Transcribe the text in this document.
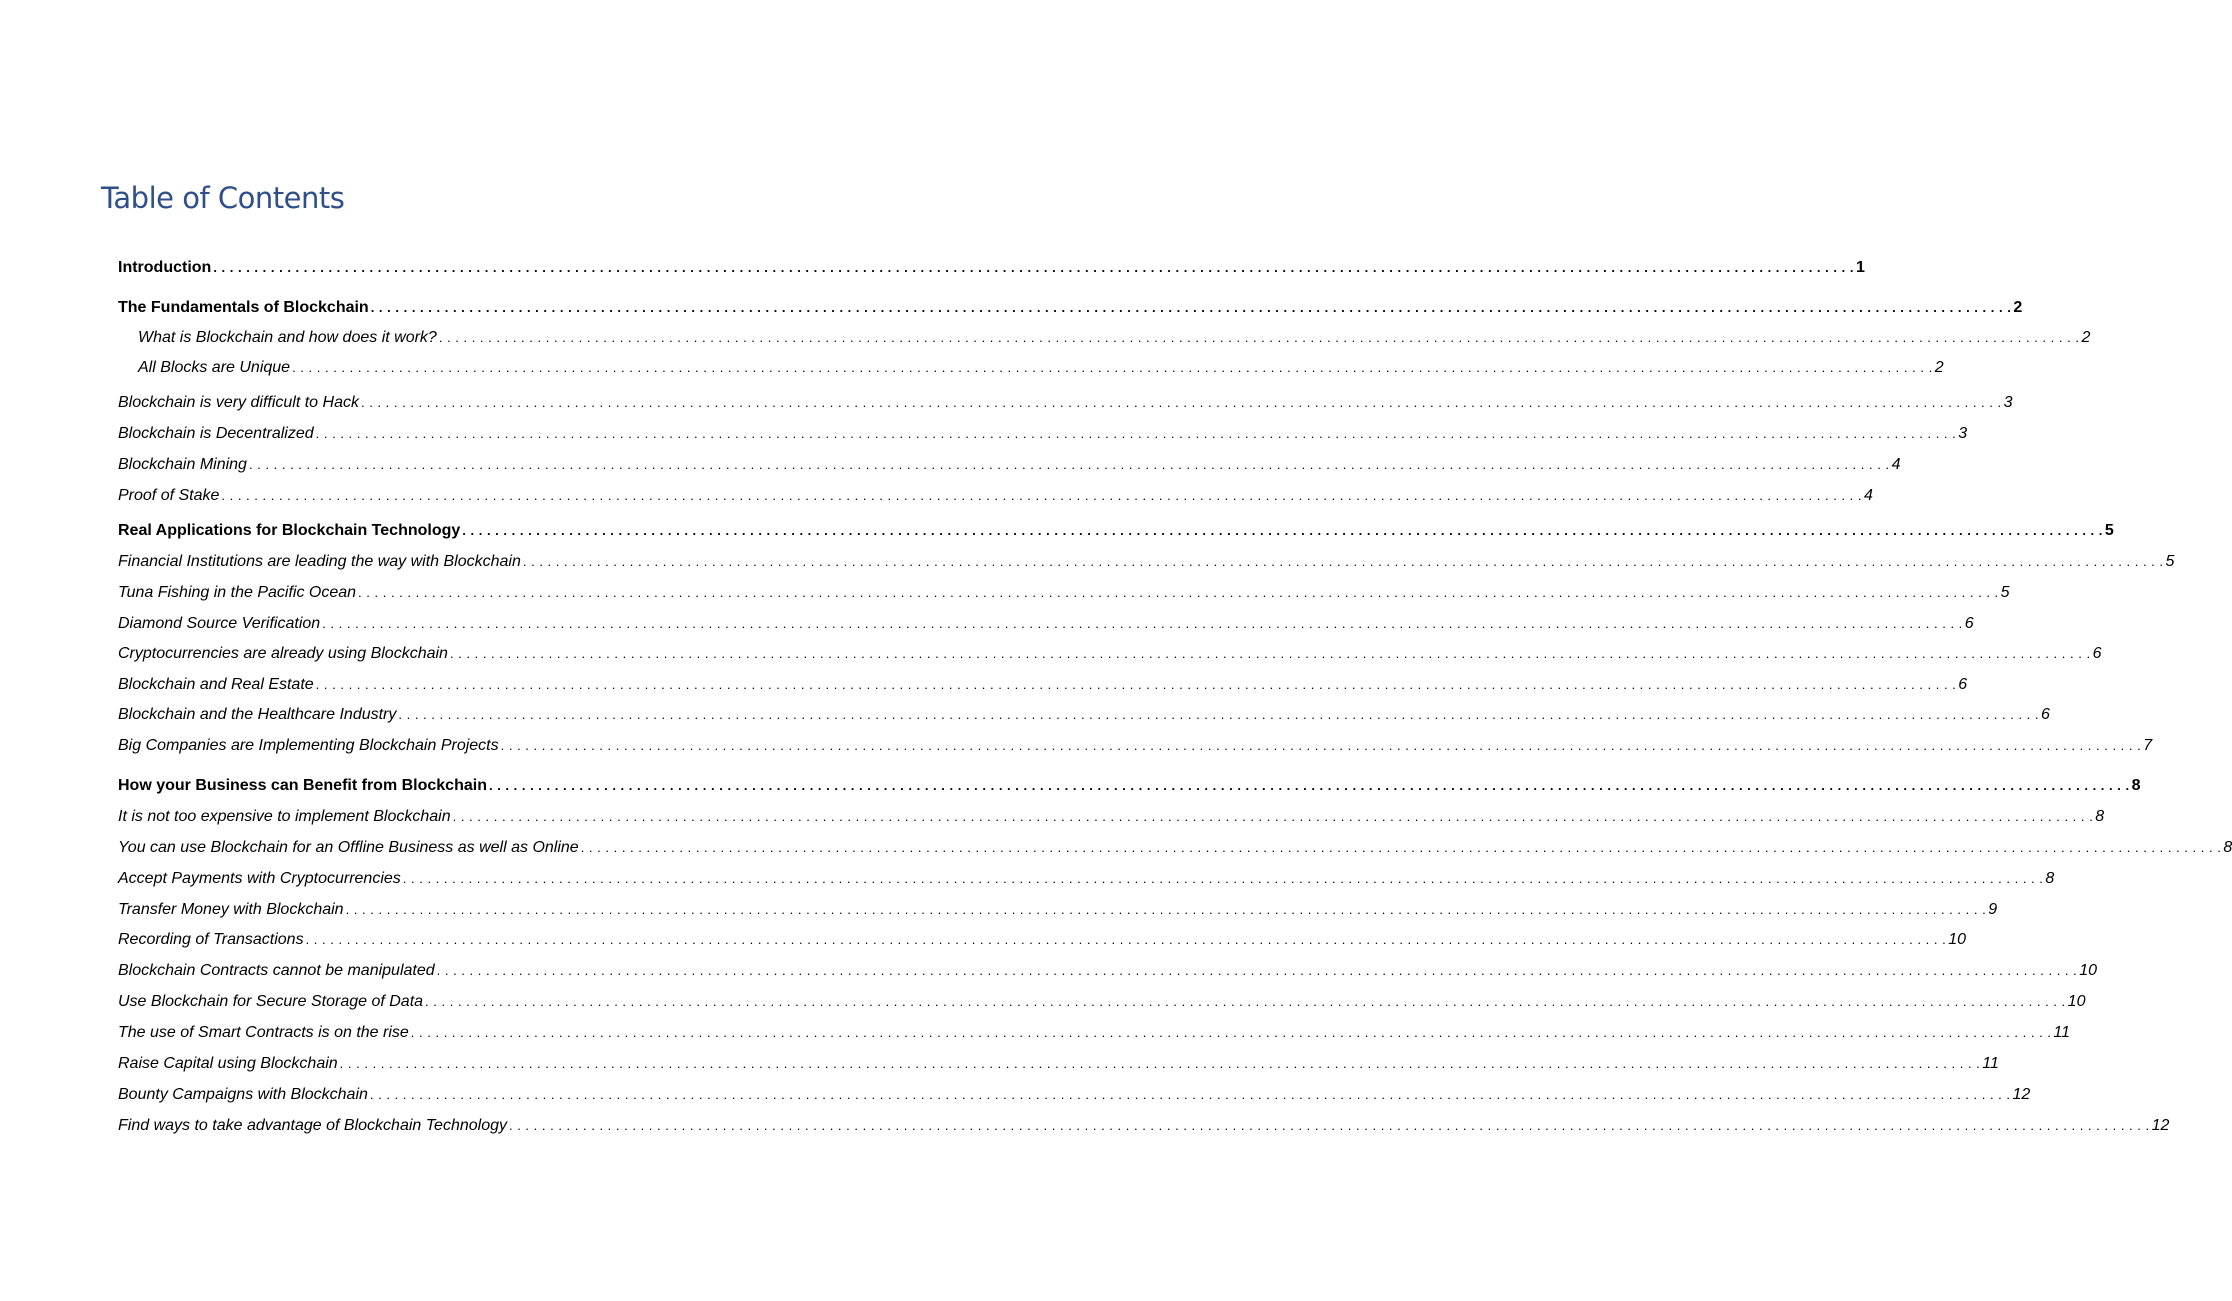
Table of Contents
Introduction . . . . . . . . . . . . . . . . . . . . . . . . . . . . . . . . . . . . . . . . . . . . . . . . . . . . . . . . . . . . . . . . . . . . . . . . . . . . . . . . . . . . . . . . . . . . . . . . . . . . . . . . . . . . . . . . . . . . . . . . . . . . . . . . . . . . . . . . . . . . . . . . . . . . . . . . . . . . . . . . . . . . . . . . . . . . . . . . . . . . . . . . . . . . . . . . . . . . . . . . 1
The Fundamentals of Blockchain . . . . . . . . . . . . . . . . . . . . . . . . . . . . . . . . . . . . . . . . . . . . . . . . . . . . . . . . . . . . . . . . . . . . . . . . . . . . . . . . . . . . . . . . . . . . . . . . . . . . . . . . . . . . . . . . . . . . . . . . . . . . . . . . . . . . . . . . . . . . . . . . . . . . . . . . . . . . . . . . . . . . . . . . . . . . . . . . . . . . . . . . . . . . . . . . . . . . . . . . 2
What is Blockchain and how does it work? . . . . . . . . . . . . . . . . . . . . . . . . . . . . . . . . . . . . . . . . . . . . . . . . . . . . . . . . . . . . . . . . . . . . . . . . . . . . . . . . . . . . . . . . . . . . . . . . . . . . . . . . . . . . . . . . . . . . . . . . . . . . . . . . . . . . . . . . . . . . . . . . . . . . . . . . . . . . . . . . . . . . . . . . . . . . . . . . . . . . . . . . . . . . . . . . . . . . . . . . 2
All Blocks are Unique . . . . . . . . . . . . . . . . . . . . . . . . . . . . . . . . . . . . . . . . . . . . . . . . . . . . . . . . . . . . . . . . . . . . . . . . . . . . . . . . . . . . . . . . . . . . . . . . . . . . . . . . . . . . . . . . . . . . . . . . . . . . . . . . . . . . . . . . . . . . . . . . . . . . . . . . . . . . . . . . . . . . . . . . . . . . . . . . . . . . . . . . . . . . . . . . . . . . . . . . 2
Blockchain is very difficult to Hack . . . . . . . . . . . . . . . . . . . . . . . . . . . . . . . . . . . . . . . . . . . . . . . . . . . . . . . . . . . . . . . . . . . . . . . . . . . . . . . . . . . . . . . . . . . . . . . . . . . . . . . . . . . . . . . . . . . . . . . . . . . . . . . . . . . . . . . . . . . . . . . . . . . . . . . . . . . . . . . . . . . . . . . . . . . . . . . . . . . . . . . . . . . . . . . . . . . . . . . . 3
Blockchain is Decentralized . . . . . . . . . . . . . . . . . . . . . . . . . . . . . . . . . . . . . . . . . . . . . . . . . . . . . . . . . . . . . . . . . . . . . . . . . . . . . . . . . . . . . . . . . . . . . . . . . . . . . . . . . . . . . . . . . . . . . . . . . . . . . . . . . . . . . . . . . . . . . . . . . . . . . . . . . . . . . . . . . . . . . . . . . . . . . . . . . . . . . . . . . . . . . . . . . . . . . . . . 3
Blockchain Mining . . . . . . . . . . . . . . . . . . . . . . . . . . . . . . . . . . . . . . . . . . . . . . . . . . . . . . . . . . . . . . . . . . . . . . . . . . . . . . . . . . . . . . . . . . . . . . . . . . . . . . . . . . . . . . . . . . . . . . . . . . . . . . . . . . . . . . . . . . . . . . . . . . . . . . . . . . . . . . . . . . . . . . . . . . . . . . . . . . . . . . . . . . . . . . . . . . . . . . . . 4
Proof of Stake . . . . . . . . . . . . . . . . . . . . . . . . . . . . . . . . . . . . . . . . . . . . . . . . . . . . . . . . . . . . . . . . . . . . . . . . . . . . . . . . . . . . . . . . . . . . . . . . . . . . . . . . . . . . . . . . . . . . . . . . . . . . . . . . . . . . . . . . . . . . . . . . . . . . . . . . . . . . . . . . . . . . . . . . . . . . . . . . . . . . . . . . . . . . . . . . . . . . . . . . 4
Real Applications for Blockchain Technology . . . . . . . . . . . . . . . . . . . . . . . . . . . . . . . . . . . . . . . . . . . . . . . . . . . . . . . . . . . . . . . . . . . . . . . . . . . . . . . . . . . . . . . . . . . . . . . . . . . . . . . . . . . . . . . . . . . . . . . . . . . . . . . . . . . . . . . . . . . . . . . . . . . . . . . . . . . . . . . . . . . . . . . . . . . . . . . . . . . . . . . . . . . . . . . . . . . . . . . . 5
Financial Institutions are leading the way with Blockchain . . . . . . . . . . . . . . . . . . . . . . . . . . . . . . . . . . . . . . . . . . . . . . . . . . . . . . . . . . . . . . . . . . . . . . . . . . . . . . . . . . . . . . . . . . . . . . . . . . . . . . . . . . . . . . . . . . . . . . . . . . . . . . . . . . . . . . . . . . . . . . . . . . . . . . . . . . . . . . . . . . . . . . . . . . . . . . . . . . . . . . . . . . . . . . . . . . . . . . . . 5
Tuna Fishing in the Pacific Ocean . . . . . . . . . . . . . . . . . . . . . . . . . . . . . . . . . . . . . . . . . . . . . . . . . . . . . . . . . . . . . . . . . . . . . . . . . . . . . . . . . . . . . . . . . . . . . . . . . . . . . . . . . . . . . . . . . . . . . . . . . . . . . . . . . . . . . . . . . . . . . . . . . . . . . . . . . . . . . . . . . . . . . . . . . . . . . . . . . . . . . . . . . . . . . . . . . . . . . . . . 5
Diamond Source Verification . . . . . . . . . . . . . . . . . . . . . . . . . . . . . . . . . . . . . . . . . . . . . . . . . . . . . . . . . . . . . . . . . . . . . . . . . . . . . . . . . . . . . . . . . . . . . . . . . . . . . . . . . . . . . . . . . . . . . . . . . . . . . . . . . . . . . . . . . . . . . . . . . . . . . . . . . . . . . . . . . . . . . . . . . . . . . . . . . . . . . . . . . . . . . . . . . . . . . . . . 6
Cryptocurrencies are already using Blockchain . . . . . . . . . . . . . . . . . . . . . . . . . . . . . . . . . . . . . . . . . . . . . . . . . . . . . . . . . . . . . . . . . . . . . . . . . . . . . . . . . . . . . . . . . . . . . . . . . . . . . . . . . . . . . . . . . . . . . . . . . . . . . . . . . . . . . . . . . . . . . . . . . . . . . . . . . . . . . . . . . . . . . . . . . . . . . . . . . . . . . . . . . . . . . . . . . . . . . . . . 6
Blockchain and Real Estate . . . . . . . . . . . . . . . . . . . . . . . . . . . . . . . . . . . . . . . . . . . . . . . . . . . . . . . . . . . . . . . . . . . . . . . . . . . . . . . . . . . . . . . . . . . . . . . . . . . . . . . . . . . . . . . . . . . . . . . . . . . . . . . . . . . . . . . . . . . . . . . . . . . . . . . . . . . . . . . . . . . . . . . . . . . . . . . . . . . . . . . . . . . . . . . . . . . . . . . . 6
Blockchain and the Healthcare Industry . . . . . . . . . . . . . . . . . . . . . . . . . . . . . . . . . . . . . . . . . . . . . . . . . . . . . . . . . . . . . . . . . . . . . . . . . . . . . . . . . . . . . . . . . . . . . . . . . . . . . . . . . . . . . . . . . . . . . . . . . . . . . . . . . . . . . . . . . . . . . . . . . . . . . . . . . . . . . . . . . . . . . . . . . . . . . . . . . . . . . . . . . . . . . . . . . . . . . . . . 6
Big Companies are Implementing Blockchain Projects . . . . . . . . . . . . . . . . . . . . . . . . . . . . . . . . . . . . . . . . . . . . . . . . . . . . . . . . . . . . . . . . . . . . . . . . . . . . . . . . . . . . . . . . . . . . . . . . . . . . . . . . . . . . . . . . . . . . . . . . . . . . . . . . . . . . . . . . . . . . . . . . . . . . . . . . . . . . . . . . . . . . . . . . . . . . . . . . . . . . . . . . . . . . . . . . . . . . . . . . 7
How your Business can Benefit from Blockchain . . . . . . . . . . . . . . . . . . . . . . . . . . . . . . . . . . . . . . . . . . . . . . . . . . . . . . . . . . . . . . . . . . . . . . . . . . . . . . . . . . . . . . . . . . . . . . . . . . . . . . . . . . . . . . . . . . . . . . . . . . . . . . . . . . . . . . . . . . . . . . . . . . . . . . . . . . . . . . . . . . . . . . . . . . . . . . . . . . . . . . . . . . . . . . . . . . . . . . . . 8
It is not too expensive to implement Blockchain . . . . . . . . . . . . . . . . . . . . . . . . . . . . . . . . . . . . . . . . . . . . . . . . . . . . . . . . . . . . . . . . . . . . . . . . . . . . . . . . . . . . . . . . . . . . . . . . . . . . . . . . . . . . . . . . . . . . . . . . . . . . . . . . . . . . . . . . . . . . . . . . . . . . . . . . . . . . . . . . . . . . . . . . . . . . . . . . . . . . . . . . . . . . . . . . . . . . . . . . 8
You can use Blockchain for an Offline Business as well as Online . . . . . . . . . . . . . . . . . . . . . . . . . . . . . . . . . . . . . . . . . . . . . . . . . . . . . . . . . . . . . . . . . . . . . . . . . . . . . . . . . . . . . . . . . . . . . . . . . . . . . . . . . . . . . . . . . . . . . . . . . . . . . . . . . . . . . . . . . . . . . . . . . . . . . . . . . . . . . . . . . . . . . . . . . . . . . . . . . . . . . . . . . . . . . . . . . . . . . . . . 8
Accept Payments with Cryptocurrencies . . . . . . . . . . . . . . . . . . . . . . . . . . . . . . . . . . . . . . . . . . . . . . . . . . . . . . . . . . . . . . . . . . . . . . . . . . . . . . . . . . . . . . . . . . . . . . . . . . . . . . . . . . . . . . . . . . . . . . . . . . . . . . . . . . . . . . . . . . . . . . . . . . . . . . . . . . . . . . . . . . . . . . . . . . . . . . . . . . . . . . . . . . . . . . . . . . . . . . . . 8
Transfer Money with Blockchain . . . . . . . . . . . . . . . . . . . . . . . . . . . . . . . . . . . . . . . . . . . . . . . . . . . . . . . . . . . . . . . . . . . . . . . . . . . . . . . . . . . . . . . . . . . . . . . . . . . . . . . . . . . . . . . . . . . . . . . . . . . . . . . . . . . . . . . . . . . . . . . . . . . . . . . . . . . . . . . . . . . . . . . . . . . . . . . . . . . . . . . . . . . . . . . . . . . . . . . . 9
Recording of Transactions . . . . . . . . . . . . . . . . . . . . . . . . . . . . . . . . . . . . . . . . . . . . . . . . . . . . . . . . . . . . . . . . . . . . . . . . . . . . . . . . . . . . . . . . . . . . . . . . . . . . . . . . . . . . . . . . . . . . . . . . . . . . . . . . . . . . . . . . . . . . . . . . . . . . . . . . . . . . . . . . . . . . . . . . . . . . . . . . . . . . . . . . . . . . . . . . . . . . . . . . 10
Blockchain Contracts cannot be manipulated . . . . . . . . . . . . . . . . . . . . . . . . . . . . . . . . . . . . . . . . . . . . . . . . . . . . . . . . . . . . . . . . . . . . . . . . . . . . . . . . . . . . . . . . . . . . . . . . . . . . . . . . . . . . . . . . . . . . . . . . . . . . . . . . . . . . . . . . . . . . . . . . . . . . . . . . . . . . . . . . . . . . . . . . . . . . . . . . . . . . . . . . . . . . . . . . . . . . . . . . 10
Use Blockchain for Secure Storage of Data . . . . . . . . . . . . . . . . . . . . . . . . . . . . . . . . . . . . . . . . . . . . . . . . . . . . . . . . . . . . . . . . . . . . . . . . . . . . . . . . . . . . . . . . . . . . . . . . . . . . . . . . . . . . . . . . . . . . . . . . . . . . . . . . . . . . . . . . . . . . . . . . . . . . . . . . . . . . . . . . . . . . . . . . . . . . . . . . . . . . . . . . . . . . . . . . . . . . . . . . 10
The use of Smart Contracts is on the rise . . . . . . . . . . . . . . . . . . . . . . . . . . . . . . . . . . . . . . . . . . . . . . . . . . . . . . . . . . . . . . . . . . . . . . . . . . . . . . . . . . . . . . . . . . . . . . . . . . . . . . . . . . . . . . . . . . . . . . . . . . . . . . . . . . . . . . . . . . . . . . . . . . . . . . . . . . . . . . . . . . . . . . . . . . . . . . . . . . . . . . . . . . . . . . . . . . . . . . . . 11
Raise Capital using Blockchain . . . . . . . . . . . . . . . . . . . . . . . . . . . . . . . . . . . . . . . . . . . . . . . . . . . . . . . . . . . . . . . . . . . . . . . . . . . . . . . . . . . . . . . . . . . . . . . . . . . . . . . . . . . . . . . . . . . . . . . . . . . . . . . . . . . . . . . . . . . . . . . . . . . . . . . . . . . . . . . . . . . . . . . . . . . . . . . . . . . . . . . . . . . . . . . . . . . . . . . . 11
Bounty Campaigns with Blockchain . . . . . . . . . . . . . . . . . . . . . . . . . . . . . . . . . . . . . . . . . . . . . . . . . . . . . . . . . . . . . . . . . . . . . . . . . . . . . . . . . . . . . . . . . . . . . . . . . . . . . . . . . . . . . . . . . . . . . . . . . . . . . . . . . . . . . . . . . . . . . . . . . . . . . . . . . . . . . . . . . . . . . . . . . . . . . . . . . . . . . . . . . . . . . . . . . . . . . . . . 12
Find ways to take advantage of Blockchain Technology . . . . . . . . . . . . . . . . . . . . . . . . . . . . . . . . . . . . . . . . . . . . . . . . . . . . . . . . . . . . . . . . . . . . . . . . . . . . . . . . . . . . . . . . . . . . . . . . . . . . . . . . . . . . . . . . . . . . . . . . . . . . . . . . . . . . . . . . . . . . . . . . . . . . . . . . . . . . . . . . . . . . . . . . . . . . . . . . . . . . . . . . . . . . . . . . . . . . . . . . 12
